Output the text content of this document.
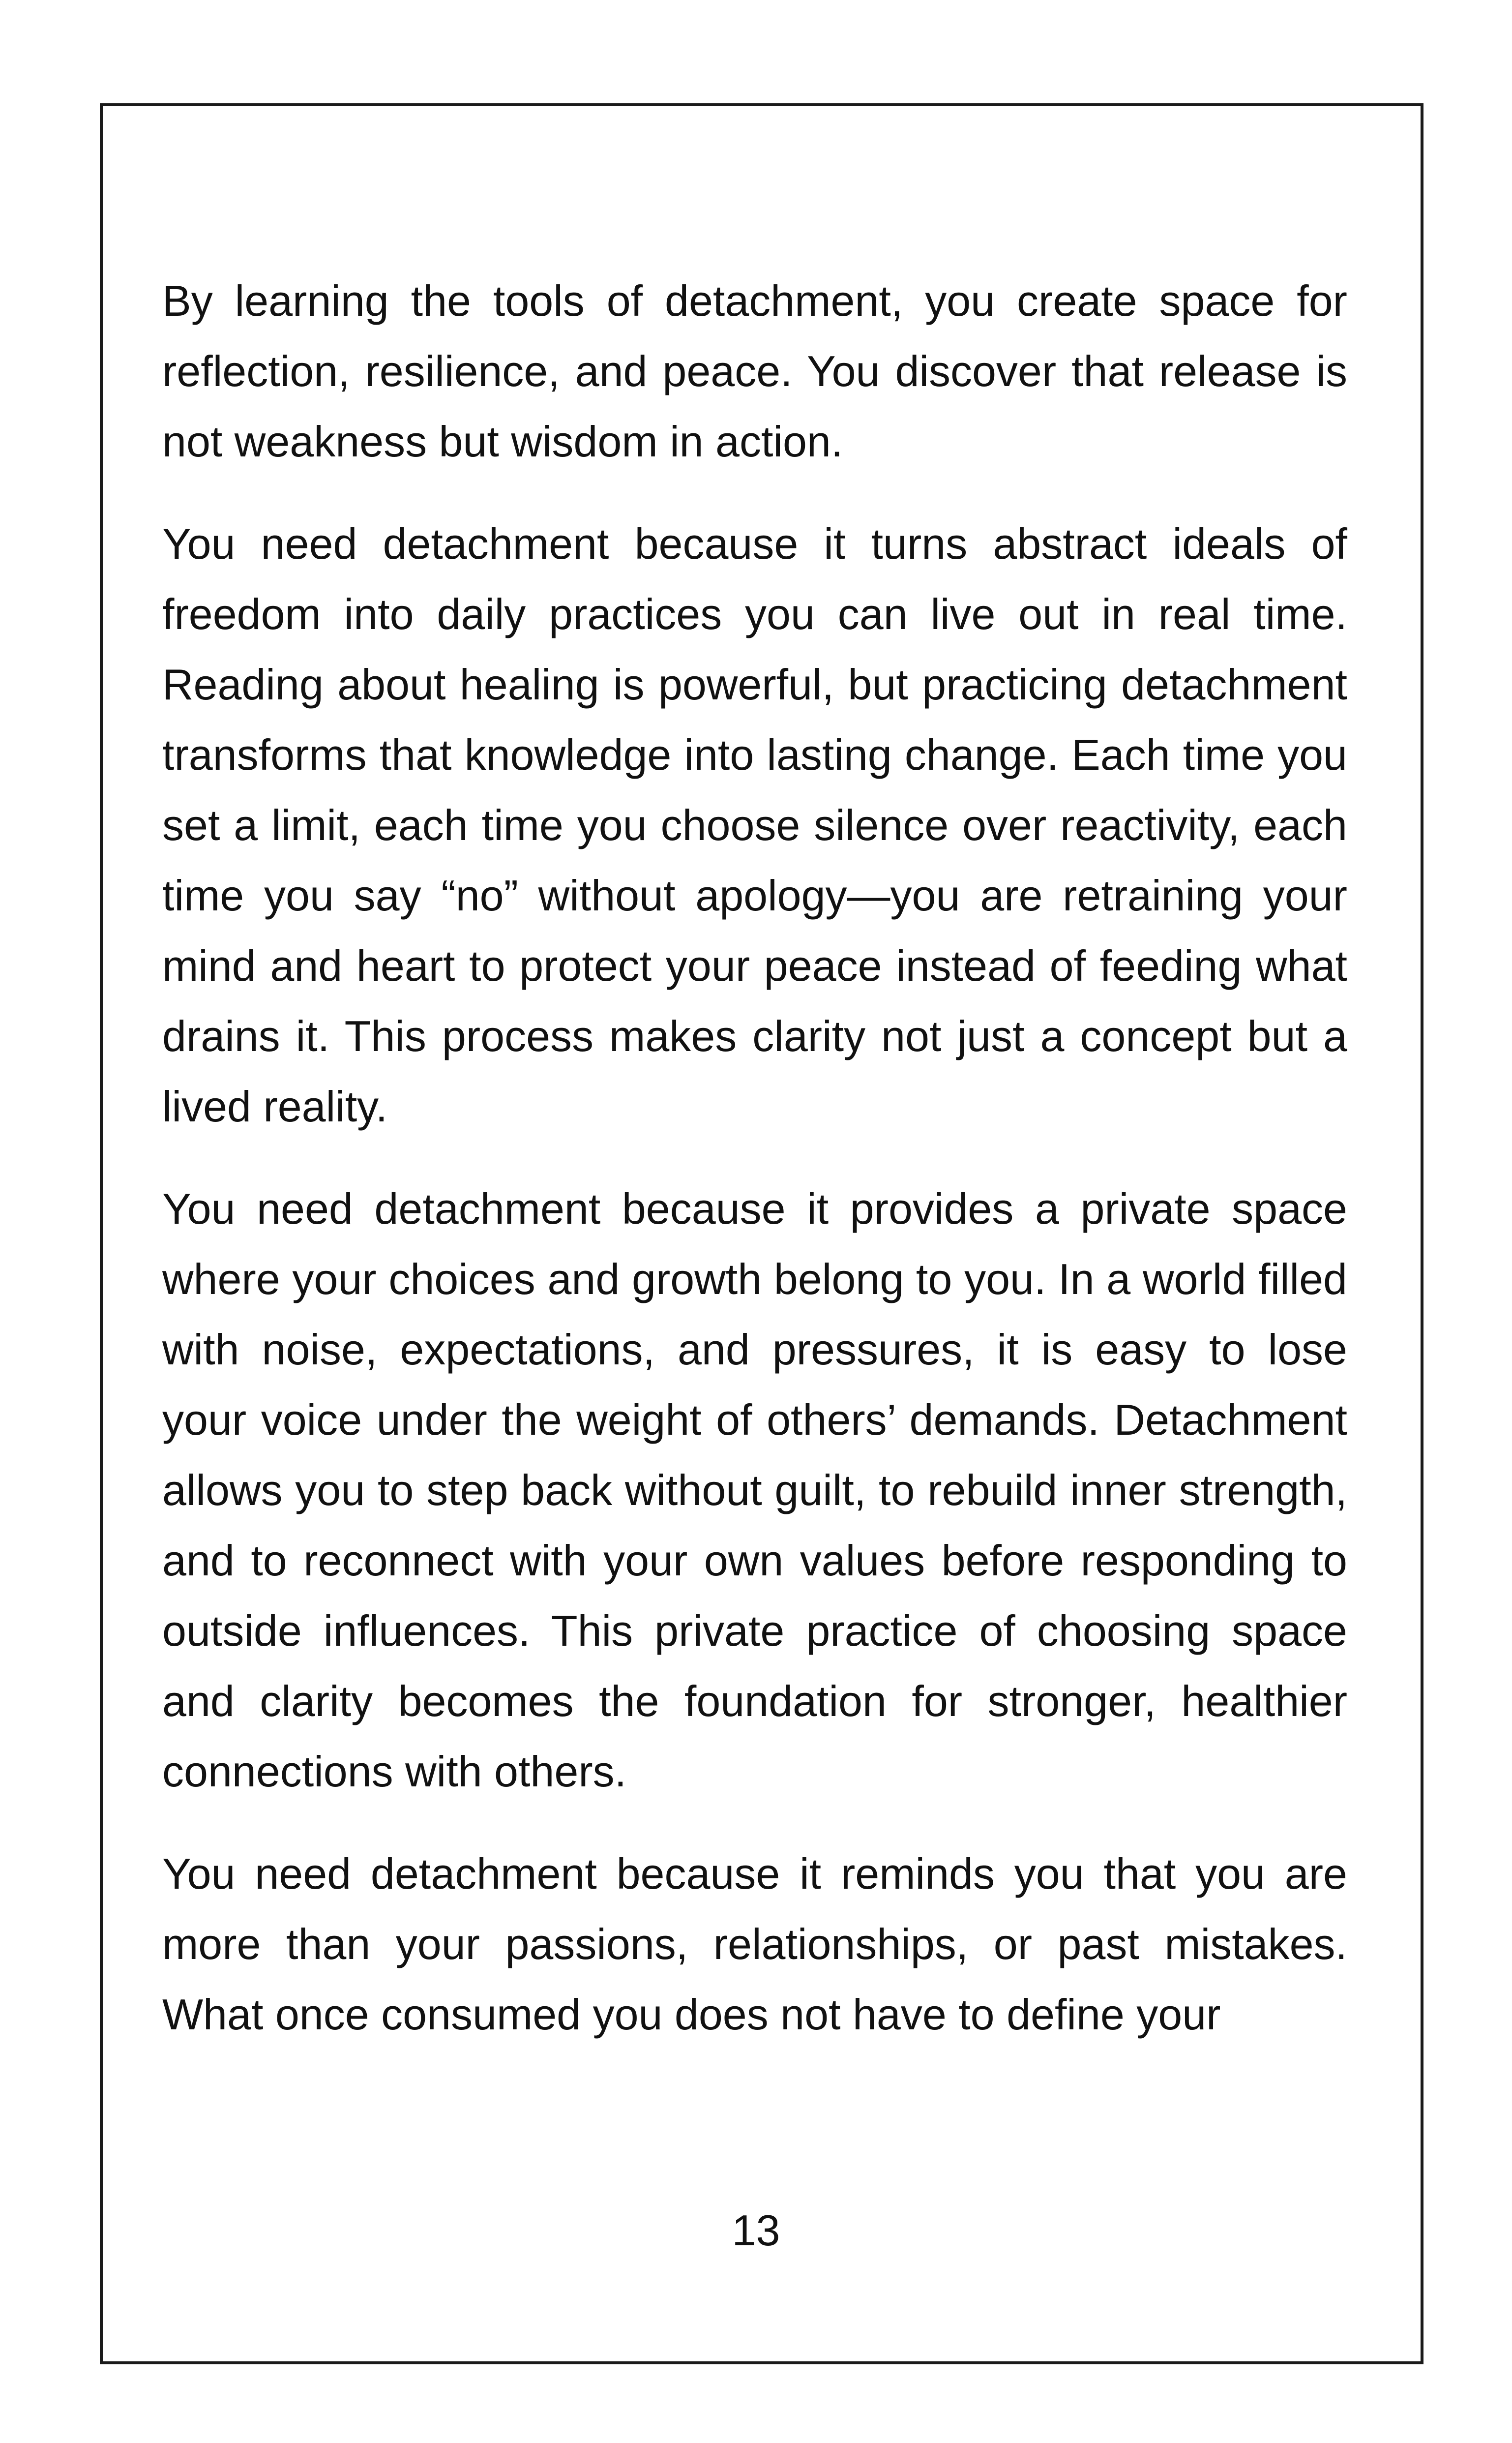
By learning the tools of detachment, you create space for reflection, resilience, and peace. You discover that release is not weakness but wisdom in action.

You need detachment because it turns abstract ideals of freedom into daily practices you can live out in real time. Reading about healing is powerful, but practicing detachment transforms that knowledge into lasting change. Each time you set a limit, each time you choose silence over reactivity, each time you say “no” without apology—you are retraining your mind and heart to protect your peace instead of feeding what drains it. This process makes clarity not just a concept but a lived reality.

You need detachment because it provides a private space where your choices and growth belong to you. In a world filled with noise, expectations, and pressures, it is easy to lose your voice under the weight of others’ demands. Detachment allows you to step back without guilt, to rebuild inner strength, and to reconnect with your own values before responding to outside influences. This private practice of choosing space and clarity becomes the foundation for stronger, healthier connections with others.

You need detachment because it reminds you that you are more than your passions, relationships, or past mistakes. What once consumed you does not have to define your

13
